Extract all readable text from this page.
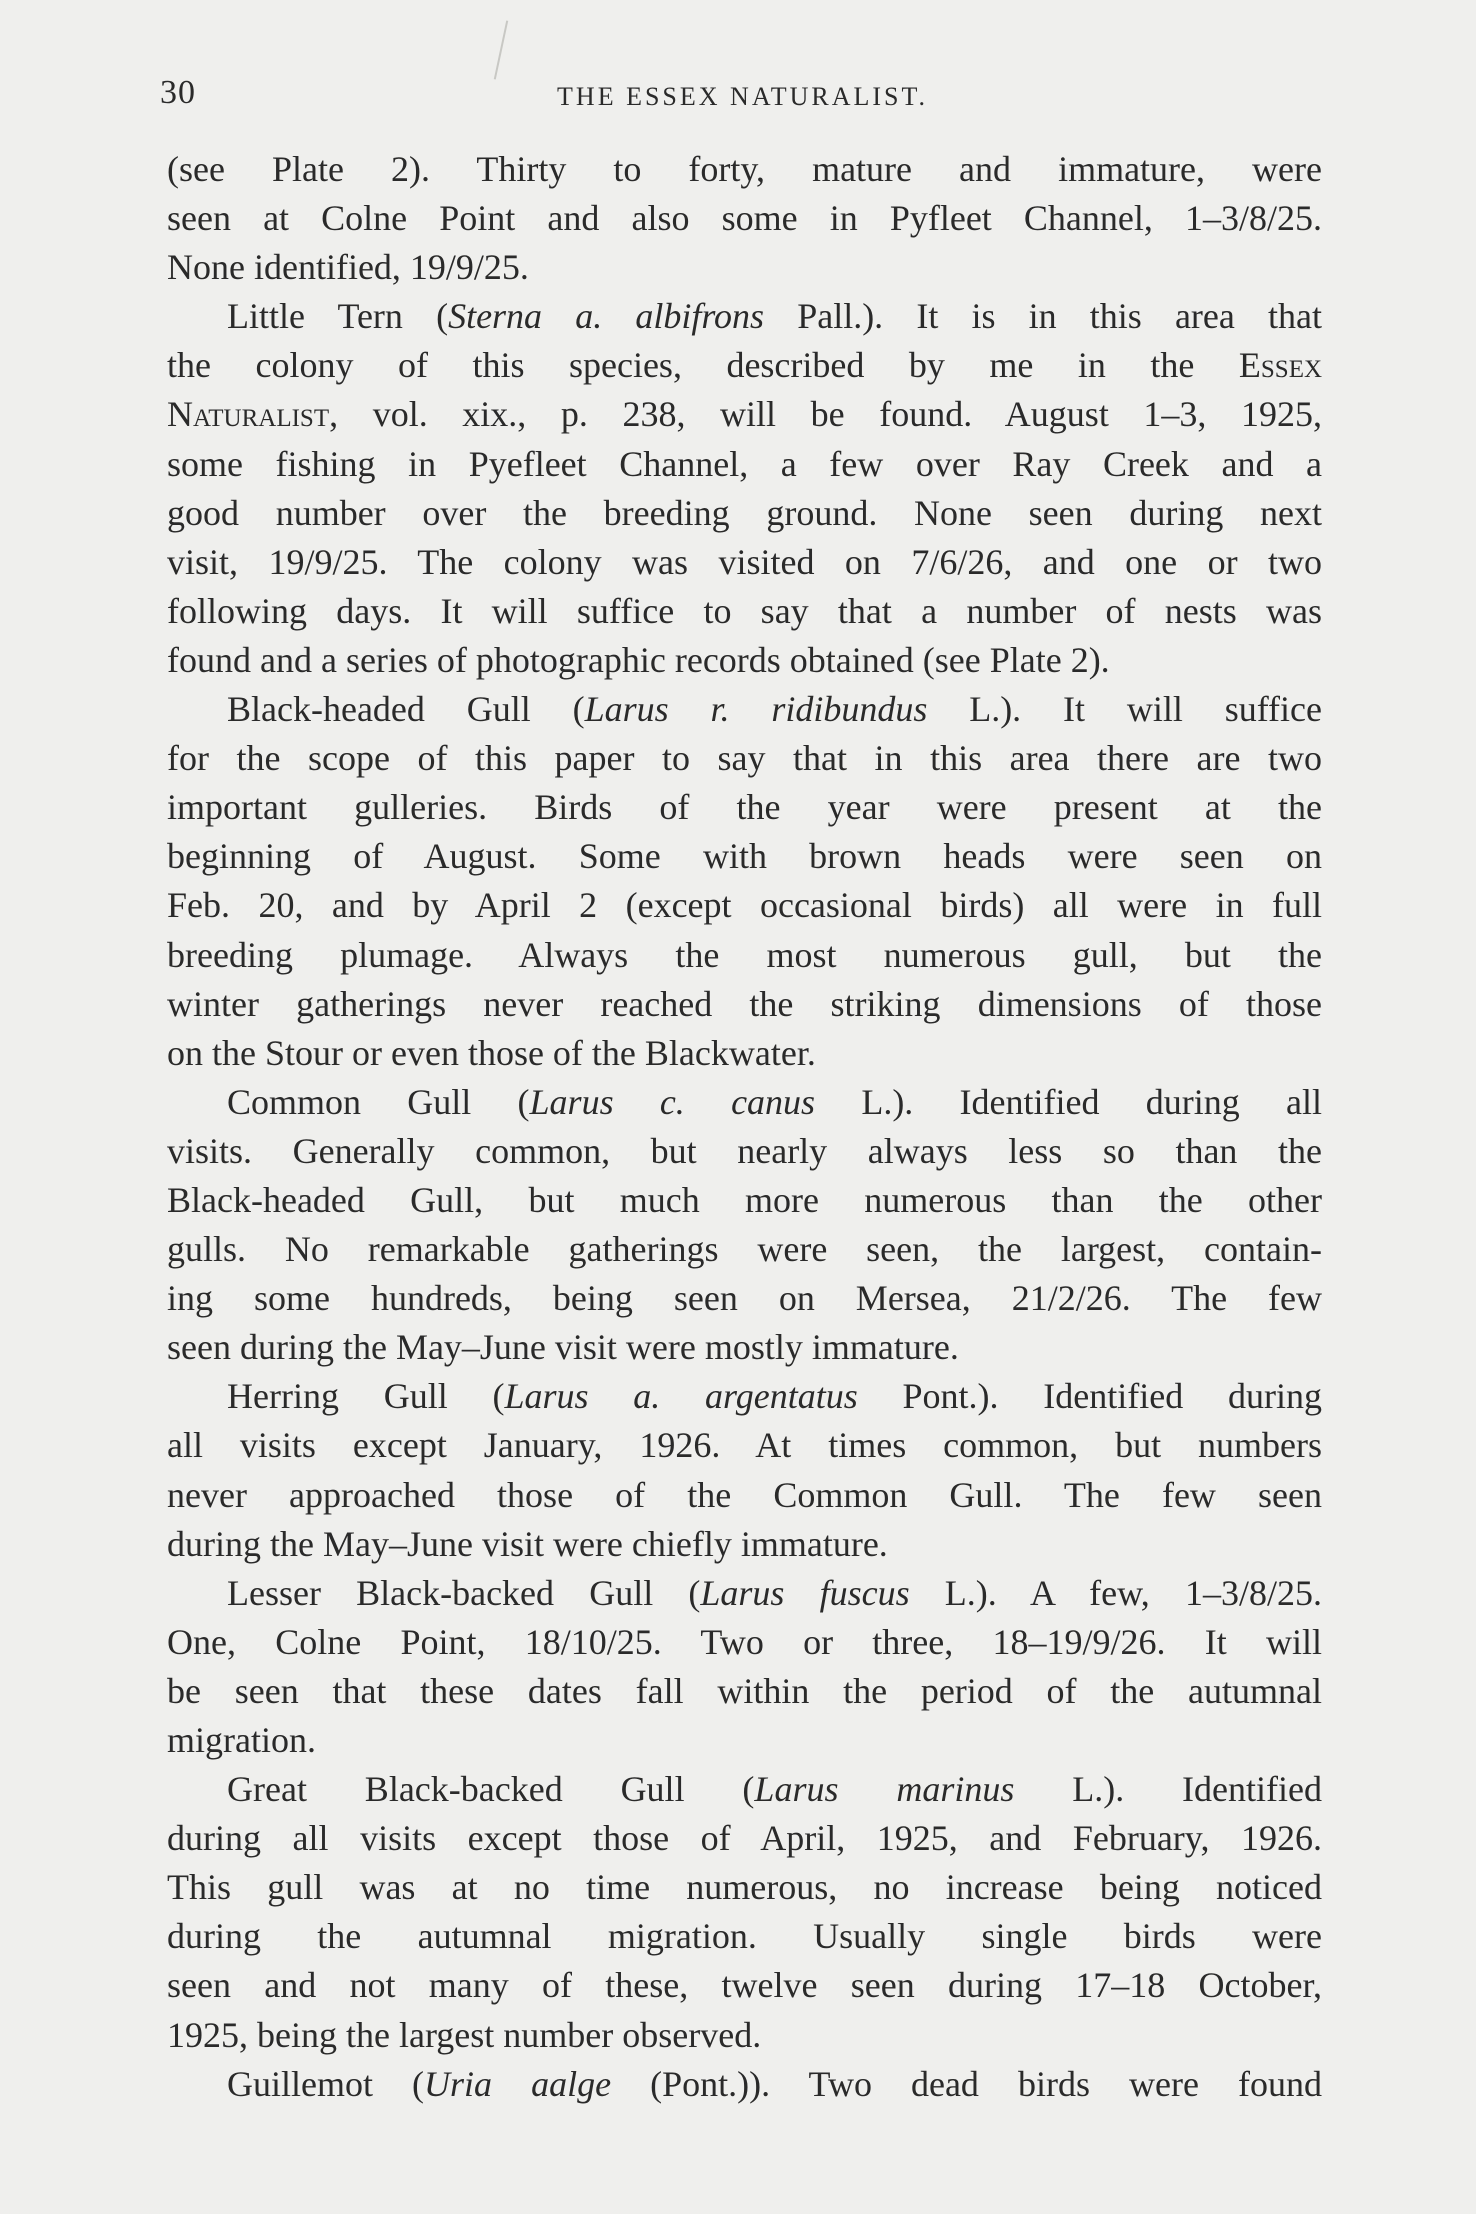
30	THE ESSEX NATURALIST.

(see Plate 2). Thirty to forty, mature and immature, were

seen at Colne Point and also some in Pyfleet Channel, 1–3/8/25.

None identified, 19/9/25.

Little Tern (Sterna a. albifrons Pall.). It is in this area that

the colony of this species, described by me in the Essex

Naturalist, vol. xix., p. 238, will be found. August 1–3, 1925,

some fishing in Pyefleet Channel, a few over Ray Creek and a

good number over the breeding ground. None seen during next

visit, 19/9/25. The colony was visited on 7/6/26, and one or two

following days. It will suffice to say that a number of nests was

found and a series of photographic records obtained (see Plate 2).

Black-headed Gull (Larus r. ridibundus L.). It will suffice

for the scope of this paper to say that in this area there are two

important gulleries. Birds of the year were present at the

beginning of August. Some with brown heads were seen on

Feb. 20, and by April 2 (except occasional birds) all were in full

breeding plumage. Always the most numerous gull, but the

winter gatherings never reached the striking dimensions of those

on the Stour or even those of the Blackwater.

Common Gull (Larus c. canus L.). Identified during all

visits. Generally common, but nearly always less so than the

Black-headed Gull, but much more numerous than the other

gulls. No remarkable gatherings were seen, the largest, contain-

ing some hundreds, being seen on Mersea, 21/2/26. The few

seen during the May–June visit were mostly immature.

Herring Gull (Larus a. argentatus Pont.). Identified during

all visits except January, 1926. At times common, but numbers

never approached those of the Common Gull. The few seen

during the May–June visit were chiefly immature.

Lesser Black-backed Gull (Larus fuscus L.). A few, 1–3/8/25.

One, Colne Point, 18/10/25. Two or three, 18–19/9/26. It will

be seen that these dates fall within the period of the autumnal

migration.

Great Black-backed Gull (Larus marinus L.). Identified

during all visits except those of April, 1925, and February, 1926.

This gull was at no time numerous, no increase being noticed

during the autumnal migration. Usually single birds were

seen and not many of these, twelve seen during 17–18 October,

1925, being the largest number observed.

Guillemot (Uria aalge (Pont.)). Two dead birds were found
